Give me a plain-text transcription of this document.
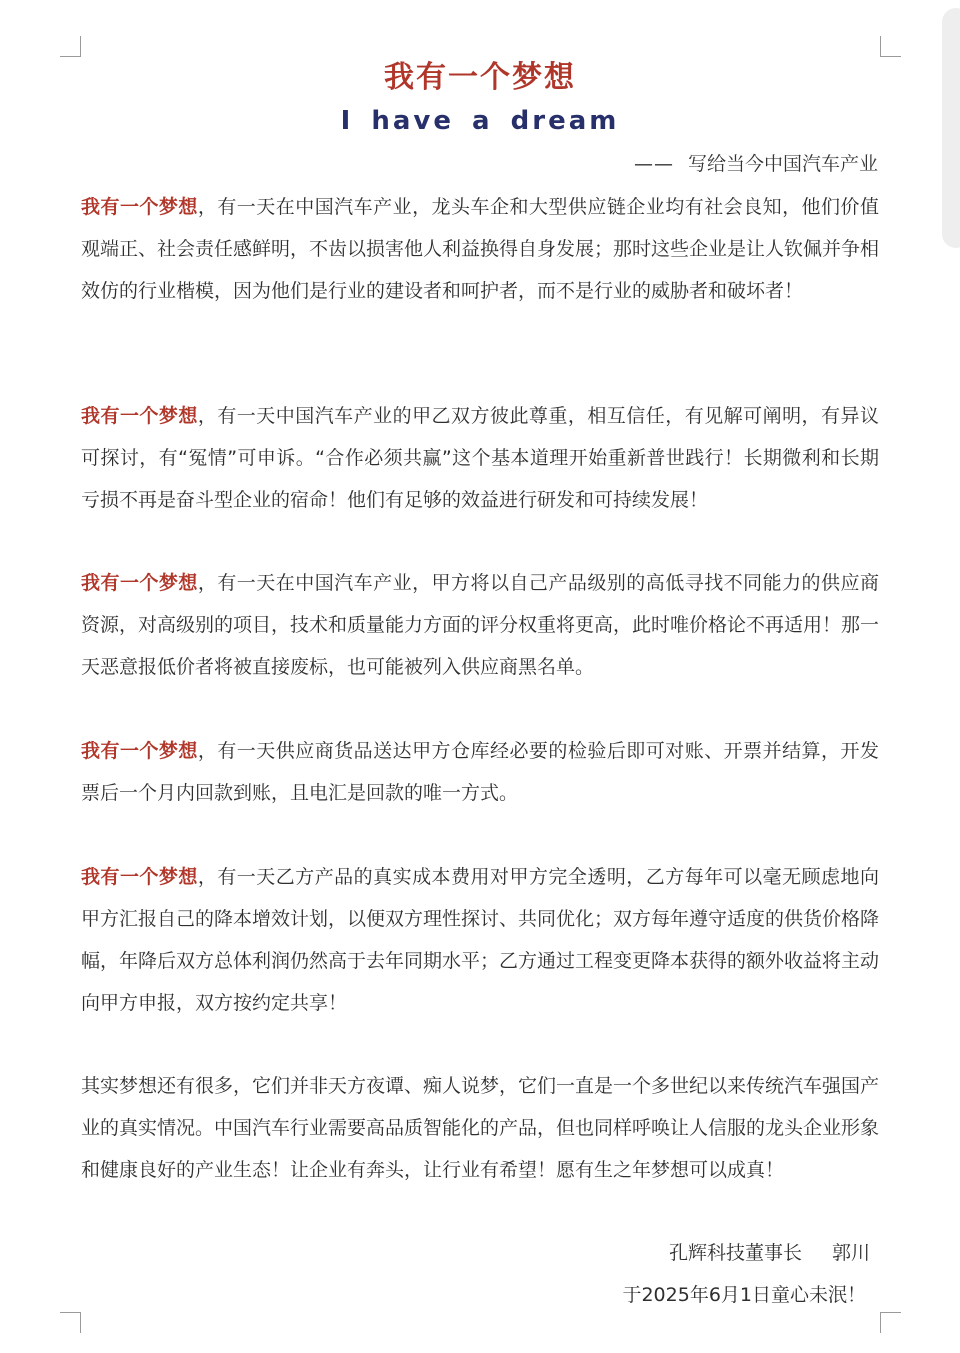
我有一个梦想
I have a dream
—— 写给当今中国汽车产业

我有一个梦想，有一天在中国汽车产业，龙头车企和大型供应链企业均有社会良知，他们价值观端正、社会责任感鲜明，不齿以损害他人利益换得自身发展；那时这些企业是让人钦佩并争相效仿的行业楷模，因为他们是行业的建设者和呵护者，而不是行业的威胁者和破坏者！

我有一个梦想，有一天中国汽车产业的甲乙双方彼此尊重，相互信任，有见解可阐明，有异议可探讨，有“冤情”可申诉。“合作必须共赢”这个基本道理开始重新普世践行！长期微利和长期亏损不再是奋斗型企业的宿命！他们有足够的效益进行研发和可持续发展！

我有一个梦想，有一天在中国汽车产业，甲方将以自己产品级别的高低寻找不同能力的供应商资源，对高级别的项目，技术和质量能力方面的评分权重将更高，此时唯价格论不再适用！那一天恶意报低价者将被直接废标，也可能被列入供应商黑名单。

我有一个梦想，有一天供应商货品送达甲方仓库经必要的检验后即可对账、开票并结算，开发票后一个月内回款到账，且电汇是回款的唯一方式。

我有一个梦想，有一天乙方产品的真实成本费用对甲方完全透明，乙方每年可以毫无顾虑地向甲方汇报自己的降本增效计划，以便双方理性探讨、共同优化；双方每年遵守适度的供货价格降幅，年降后双方总体利润仍然高于去年同期水平；乙方通过工程变更降本获得的额外收益将主动向甲方申报，双方按约定共享！

其实梦想还有很多，它们并非天方夜谭、痴人说梦，它们一直是一个多世纪以来传统汽车强国产业的真实情况。中国汽车行业需要高品质智能化的产品，但也同样呼唤让人信服的龙头企业形象和健康良好的产业生态！让企业有奔头，让行业有希望！愿有生之年梦想可以成真！

孔辉科技董事长 郭川
于2025年6月1日童心未泯！
